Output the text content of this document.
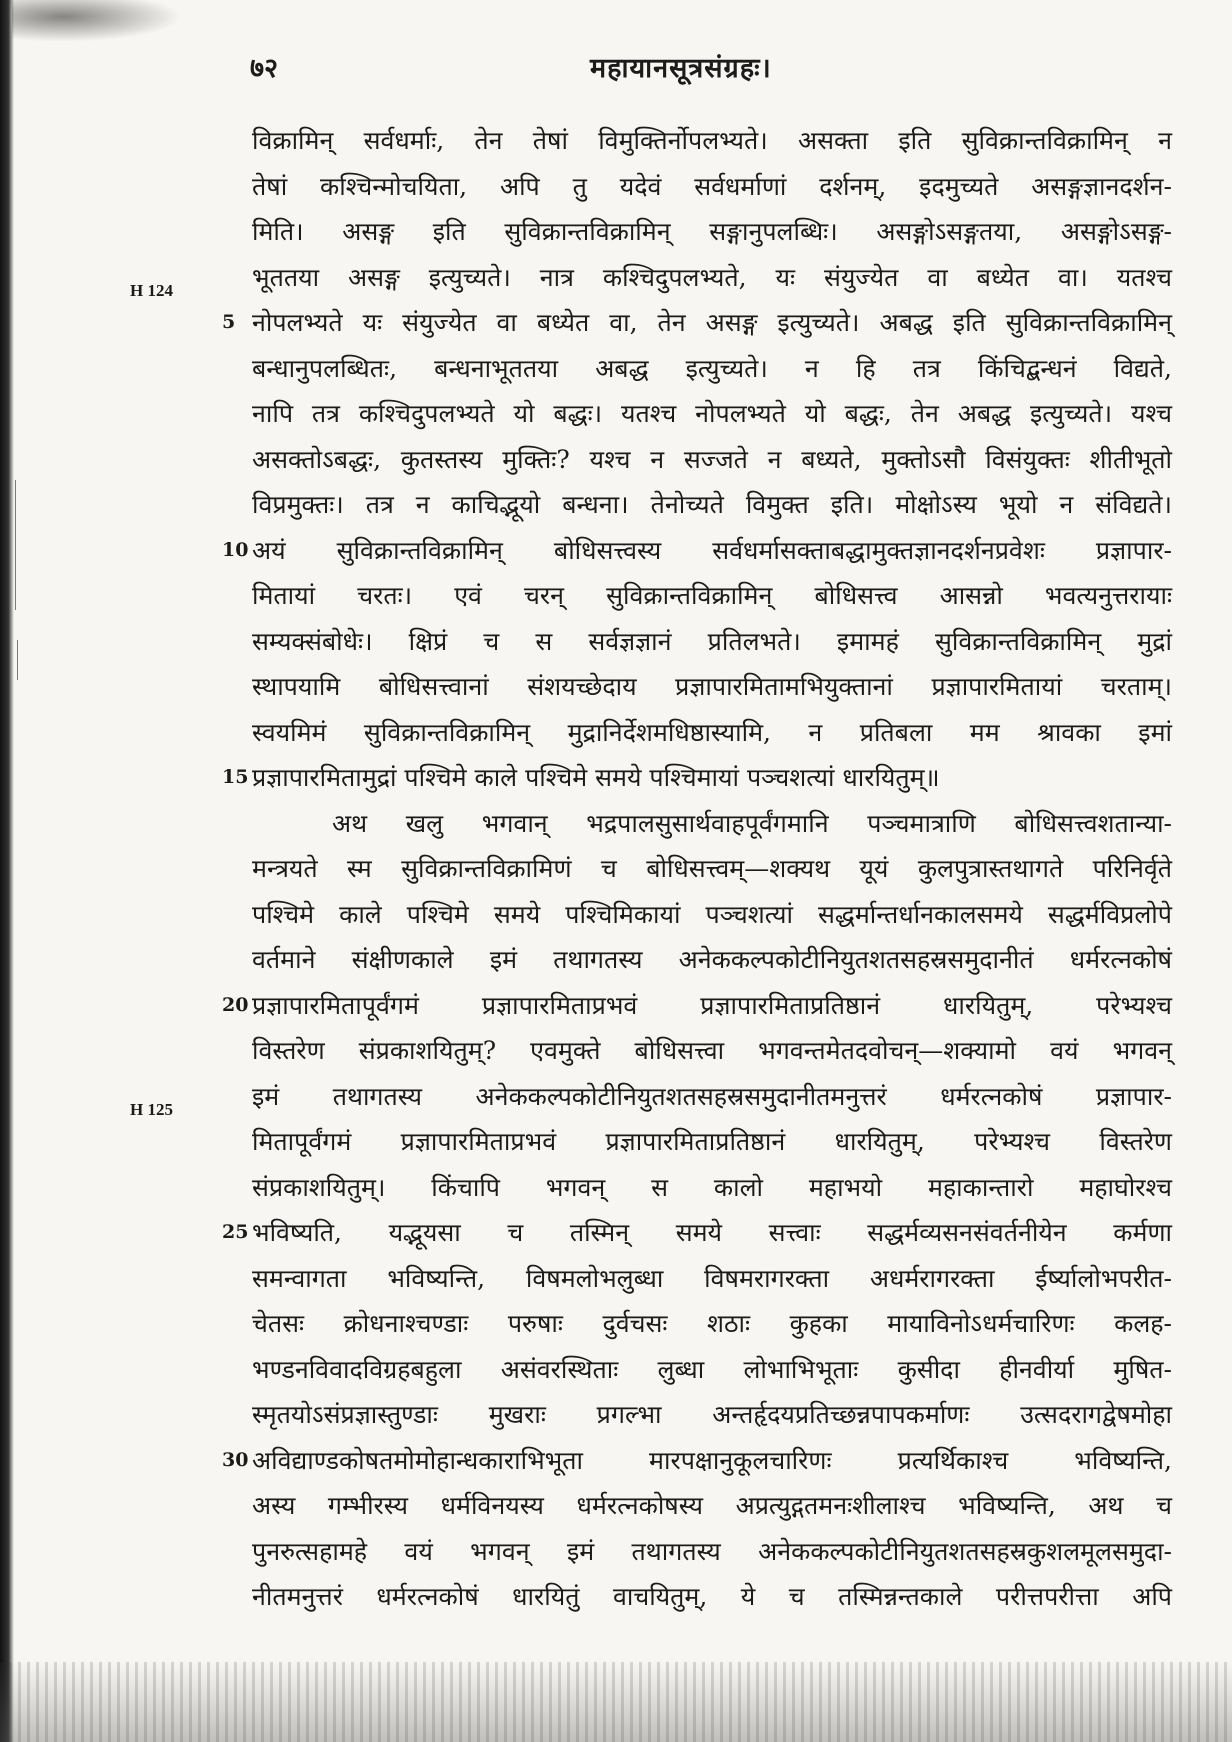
७२	महायानसूत्रसंग्रहः।
H 124
H 125
विक्रामिन् सर्वधर्माः, तेन तेषां विमुक्तिर्नोपलभ्यते। असक्ता इति सुविक्रान्तविक्रामिन् न
तेषां कश्चिन्मोचयिता, अपि तु यदेवं सर्वधर्माणां दर्शनम्, इदमुच्यते असङ्गज्ञानदर्शन-
मिति। असङ्ग इति सुविक्रान्तविक्रामिन् सङ्गानुपलब्धिः। असङ्गोऽसङ्गतया, असङ्गोऽसङ्ग-
भूततया असङ्ग इत्युच्यते। नात्र कश्चिदुपलभ्यते, यः संयुज्येत वा बध्येत वा। यतश्च
5 नोपलभ्यते यः संयुज्येत वा बध्येत वा, तेन असङ्ग इत्युच्यते। अबद्ध इति सुविक्रान्तविक्रामिन्
बन्धानुपलब्धितः, बन्धनाभूततया अबद्ध इत्युच्यते। न हि तत्र किंचिद्बन्धनं विद्यते,
नापि तत्र कश्चिदुपलभ्यते यो बद्धः। यतश्च नोपलभ्यते यो बद्धः, तेन अबद्ध इत्युच्यते। यश्च
असक्तोऽबद्धः, कुतस्तस्य मुक्तिः? यश्च न सज्जते न बध्यते, मुक्तोऽसौ विसंयुक्तः शीतीभूतो
विप्रमुक्तः। तत्र न काचिद्भूयो बन्धना। तेनोच्यते विमुक्त इति। मोक्षोऽस्य भूयो न संविद्यते।
10 अयं सुविक्रान्तविक्रामिन् बोधिसत्त्वस्य सर्वधर्मासक्ताबद्धामुक्तज्ञानदर्शनप्रवेशः प्रज्ञापार-
मितायां चरतः। एवं चरन् सुविक्रान्तविक्रामिन् बोधिसत्त्व आसन्नो भवत्यनुत्तरायाः
सम्यक्संबोधेः। क्षिप्रं च स सर्वज्ञज्ञानं प्रतिलभते। इमामहं सुविक्रान्तविक्रामिन् मुद्रां
स्थापयामि बोधिसत्त्वानां संशयच्छेदाय प्रज्ञापारमितामभियुक्तानां प्रज्ञापारमितायां चरताम्।
स्वयमिमं सुविक्रान्तविक्रामिन् मुद्रानिर्देशमधिष्ठास्यामि, न प्रतिबला मम श्रावका इमां
15 प्रज्ञापारमितामुद्रां पश्चिमे काले पश्चिमे समये पश्चिमायां पञ्चशत्यां धारयितुम्॥
अथ खलु भगवान् भद्रपालसुसार्थवाहपूर्वंगमानि पञ्चमात्राणि बोधिसत्त्वशतान्या-
मन्त्रयते स्म सुविक्रान्तविक्रामिणं च बोधिसत्त्वम्—शक्यथ यूयं कुलपुत्रास्तथागते परिनिर्वृते
पश्चिमे काले पश्चिमे समये पश्चिमिकायां पञ्चशत्यां सद्धर्मान्तर्धानकालसमये सद्धर्मविप्रलोपे
वर्तमाने संक्षीणकाले इमं तथागतस्य अनेककल्पकोटीनियुतशतसहस्रसमुदानीतं धर्मरत्नकोषं
20 प्रज्ञापारमितापूर्वंगमं प्रज्ञापारमिताप्रभवं प्रज्ञापारमिताप्रतिष्ठानं धारयितुम्, परेभ्यश्च
विस्तरेण संप्रकाशयितुम्? एवमुक्ते बोधिसत्त्वा भगवन्तमेतदवोचन्—शक्यामो वयं भगवन्
इमं तथागतस्य अनेककल्पकोटीनियुतशतसहस्रसमुदानीतमनुत्तरं धर्मरत्नकोषं प्रज्ञापार-
मितापूर्वंगमं प्रज्ञापारमिताप्रभवं प्रज्ञापारमिताप्रतिष्ठानं धारयितुम्, परेभ्यश्च विस्तरेण
संप्रकाशयितुम्। किंचापि भगवन् स कालो महाभयो महाकान्तारो महाघोरश्च
25 भविष्यति, यद्भूयसा च तस्मिन् समये सत्त्वाः सद्धर्मव्यसनसंवर्तनीयेन कर्मणा
समन्वागता भविष्यन्ति, विषमलोभलुब्धा विषमरागरक्ता अधर्मरागरक्ता ईर्ष्यालोभपरीत-
चेतसः क्रोधनाश्चण्डाः परुषाः दुर्वचसः शठाः कुहका मायाविनोऽधर्मचारिणः कलह-
भण्डनविवादविग्रहबहुला असंवरस्थिताः लुब्धा लोभाभिभूताः कुसीदा हीनवीर्या मुषित-
स्मृतयोऽसंप्रज्ञास्तुण्डाः मुखराः प्रगल्भा अन्तर्हृदयप्रतिच्छन्नपापकर्माणः उत्सदरागद्वेषमोहा
30 अविद्याण्डकोषतमोमोहान्धकाराभिभूता मारपक्षानुकूलचारिणः प्रत्यर्थिकाश्च भविष्यन्ति,
अस्य गम्भीरस्य धर्मविनयस्य धर्मरत्नकोषस्य अप्रत्युद्गतमनःशीलाश्च भविष्यन्ति, अथ च
पुनरुत्सहामहे वयं भगवन् इमं तथागतस्य अनेककल्पकोटीनियुतशतसहस्रकुशलमूलसमुदा-
नीतमनुत्तरं धर्मरत्नकोषं धारयितुं वाचयितुम्, ये च तस्मिन्नन्तकाले परीत्तपरीत्ता अपि
